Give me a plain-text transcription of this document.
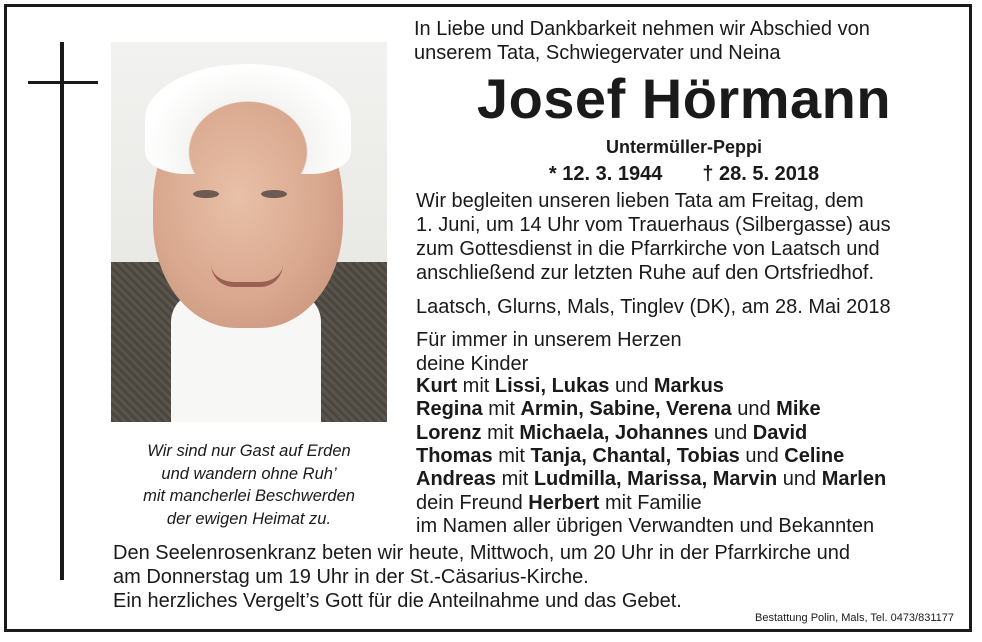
Wir sind nur Gast auf Erden
und wandern ohne Ruh’
mit mancherlei Beschwerden
der ewigen Heimat zu.
In Liebe und Dankbarkeit nehmen wir Abschied von
unserem Tata, Schwiegervater und Neina
Josef Hörmann
Untermüller-Peppi
* 12. 3. 1944 † 28. 5. 2018
Wir begleiten unseren lieben Tata am Freitag, dem
1. Juni, um 14 Uhr vom Trauerhaus (Silbergasse) aus
zum Gottesdienst in die Pfarrkirche von Laatsch und
anschließend zur letzten Ruhe auf den Ortsfriedhof.
Laatsch, Glurns, Mals, Tinglev (DK), am 28. Mai 2018
Für immer in unserem Herzen
deine Kinder
Kurt mit Lissi, Lukas und Markus
Regina mit Armin, Sabine, Verena und Mike
Lorenz mit Michaela, Johannes und David
Thomas mit Tanja, Chantal, Tobias und Celine
Andreas mit Ludmilla, Marissa, Marvin und Marlen
dein Freund Herbert mit Familie
im Namen aller übrigen Verwandten und Bekannten
Den Seelenrosenkranz beten wir heute, Mittwoch, um 20 Uhr in der Pfarrkirche und
am Donnerstag um 19 Uhr in der St.-Cäsarius-Kirche.
Ein herzliches Vergelt’s Gott für die Anteilnahme und das Gebet.
Bestattung Polin, Mals, Tel. 0473/831177
